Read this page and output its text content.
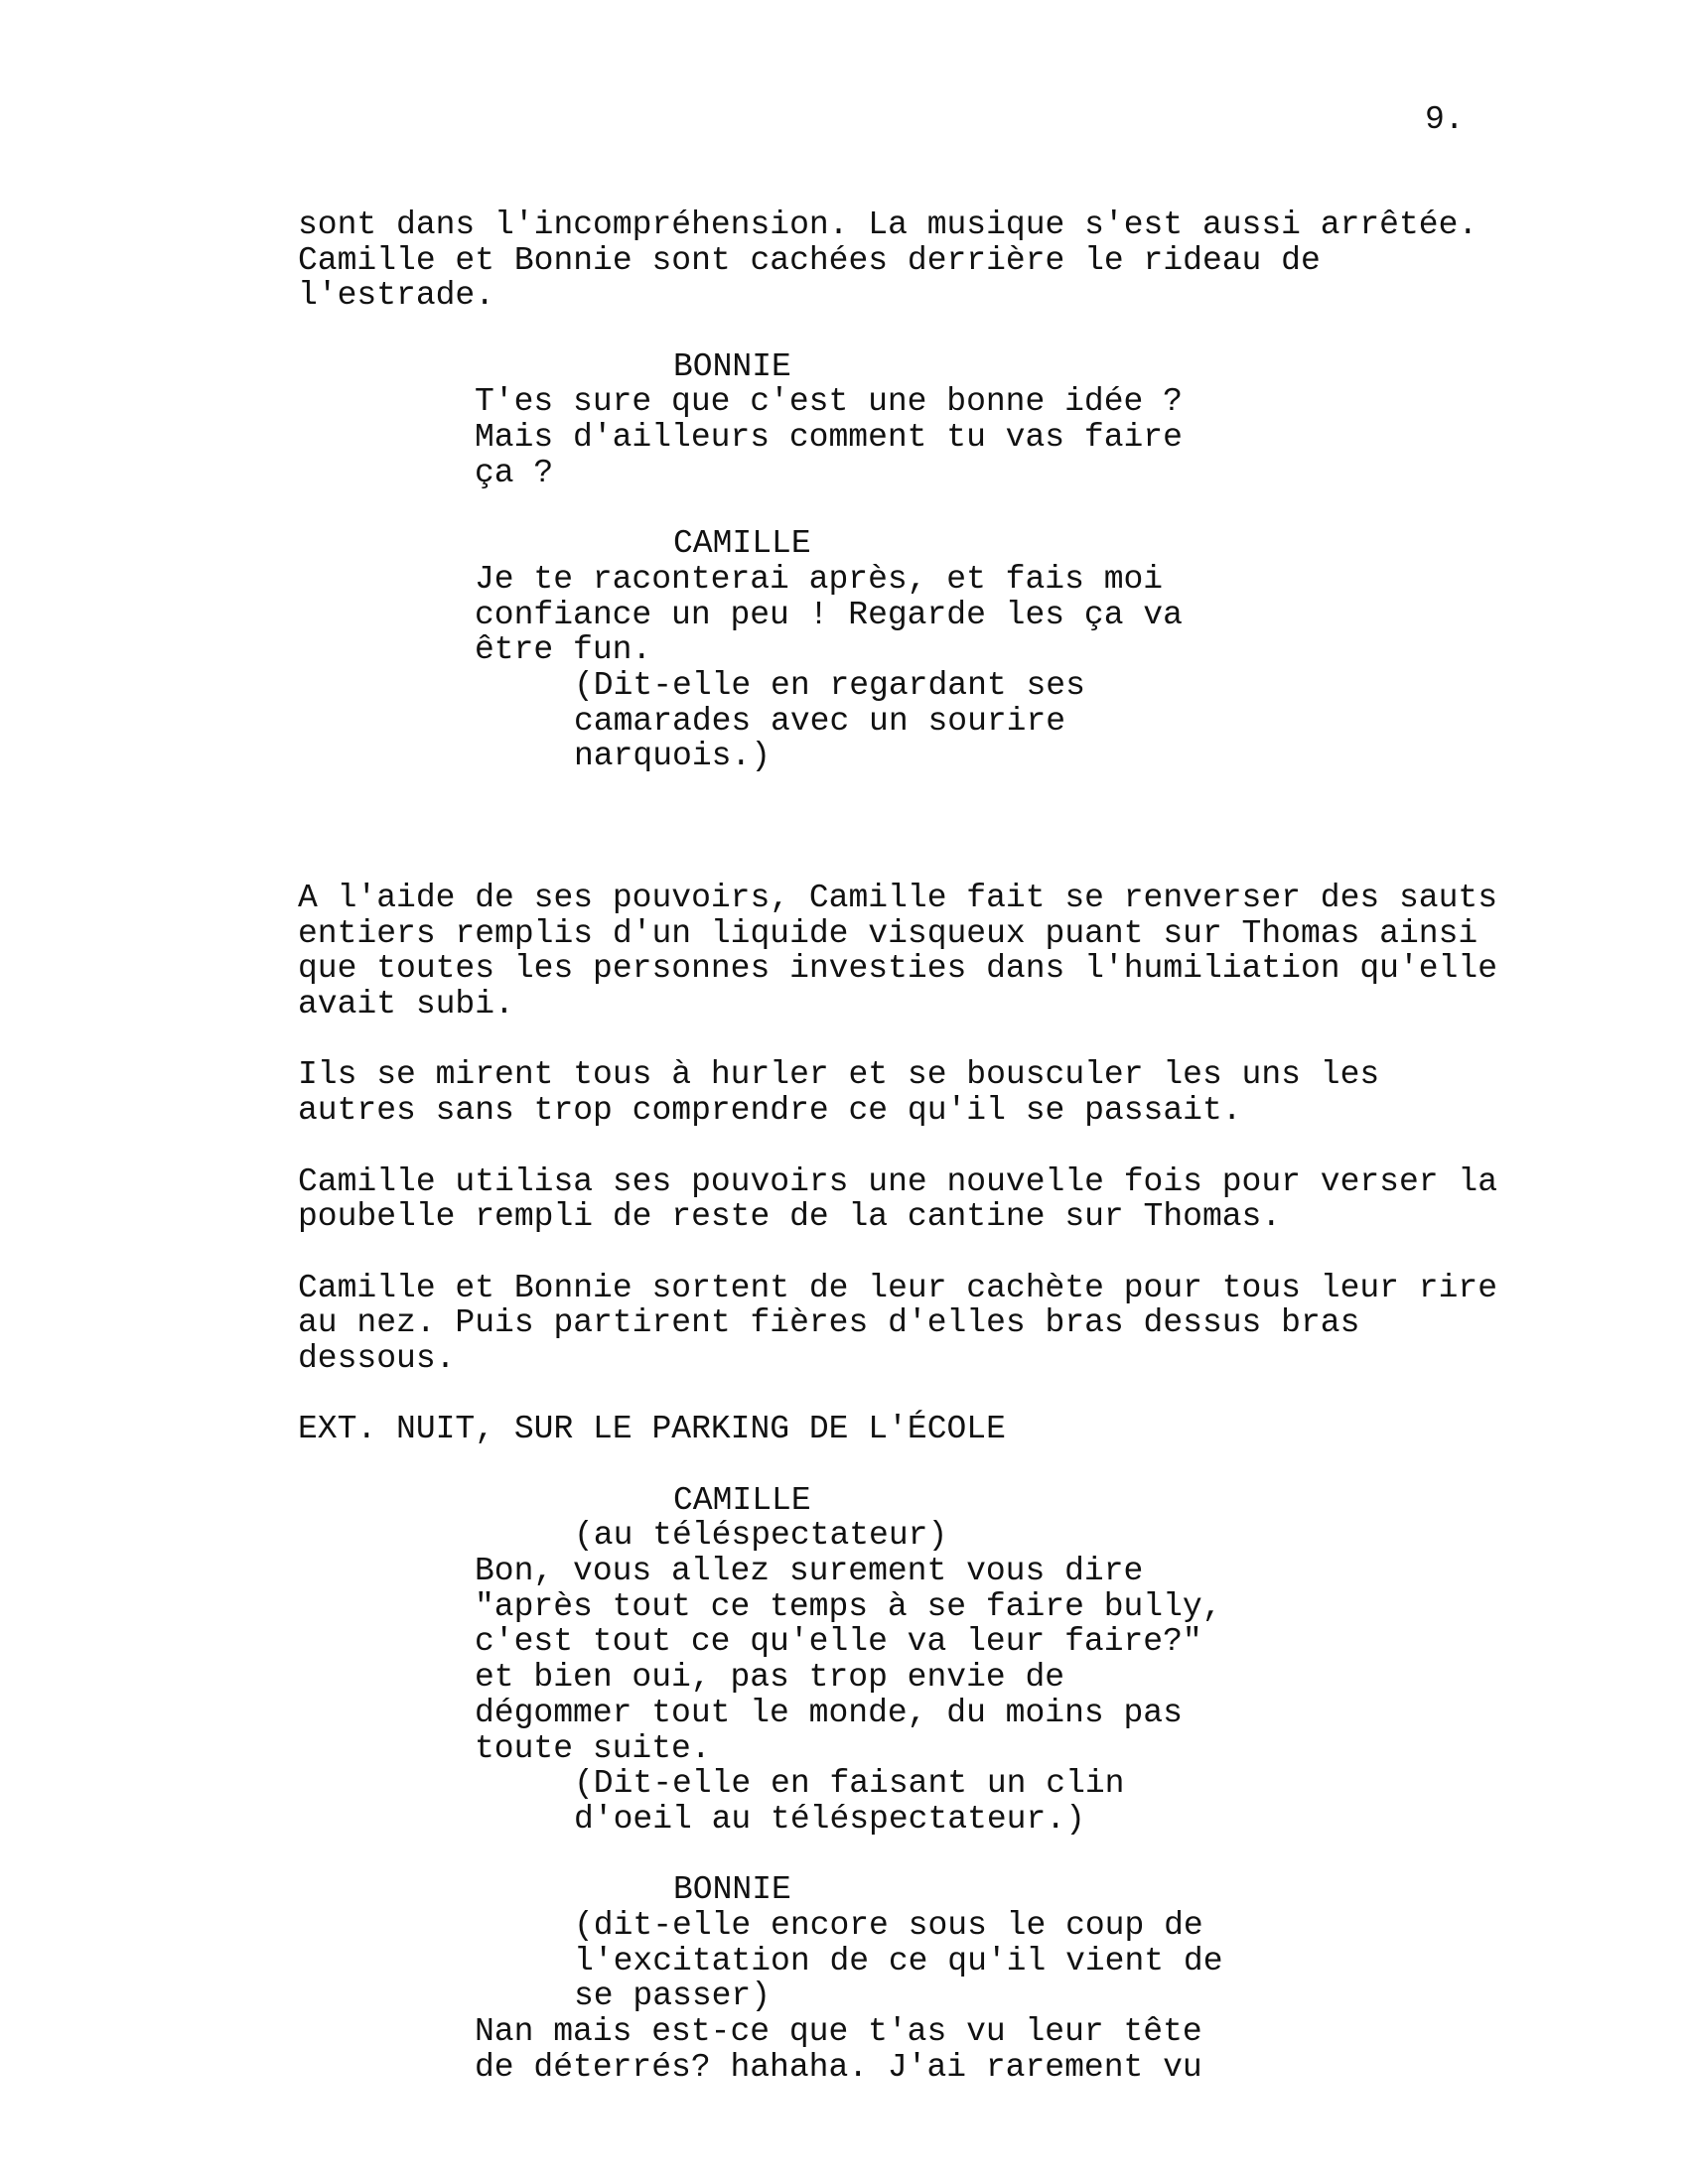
9.
sont dans l'incompréhension. La musique s'est aussi arrêtée.
Camille et Bonnie sont cachées derrière le rideau de
l'estrade.
BONNIE
T'es sure que c'est une bonne idée ?
Mais d'ailleurs comment tu vas faire
ça ?
CAMILLE
Je te raconterai après, et fais moi
confiance un peu ! Regarde les ça va
être fun.
(Dit-elle en regardant ses
camarades avec un sourire
narquois.)
A l'aide de ses pouvoirs, Camille fait se renverser des sauts
entiers remplis d'un liquide visqueux puant sur Thomas ainsi
que toutes les personnes investies dans l'humiliation qu'elle
avait subi.
Ils se mirent tous à hurler et se bousculer les uns les
autres sans trop comprendre ce qu'il se passait.
Camille utilisa ses pouvoirs une nouvelle fois pour verser la
poubelle rempli de reste de la cantine sur Thomas.
Camille et Bonnie sortent de leur cachète pour tous leur rire
au nez. Puis partirent fières d'elles bras dessus bras
dessous.
EXT. NUIT, SUR LE PARKING DE L'ÉCOLE
CAMILLE
(au téléspectateur)
Bon, vous allez surement vous dire
"après tout ce temps à se faire bully,
c'est tout ce qu'elle va leur faire?"
et bien oui, pas trop envie de
dégommer tout le monde, du moins pas
toute suite.
(Dit-elle en faisant un clin
d'oeil au téléspectateur.)
BONNIE
(dit-elle encore sous le coup de
l'excitation de ce qu'il vient de
se passer)
Nan mais est-ce que t'as vu leur tête
de déterrés? hahaha. J'ai rarement vu
